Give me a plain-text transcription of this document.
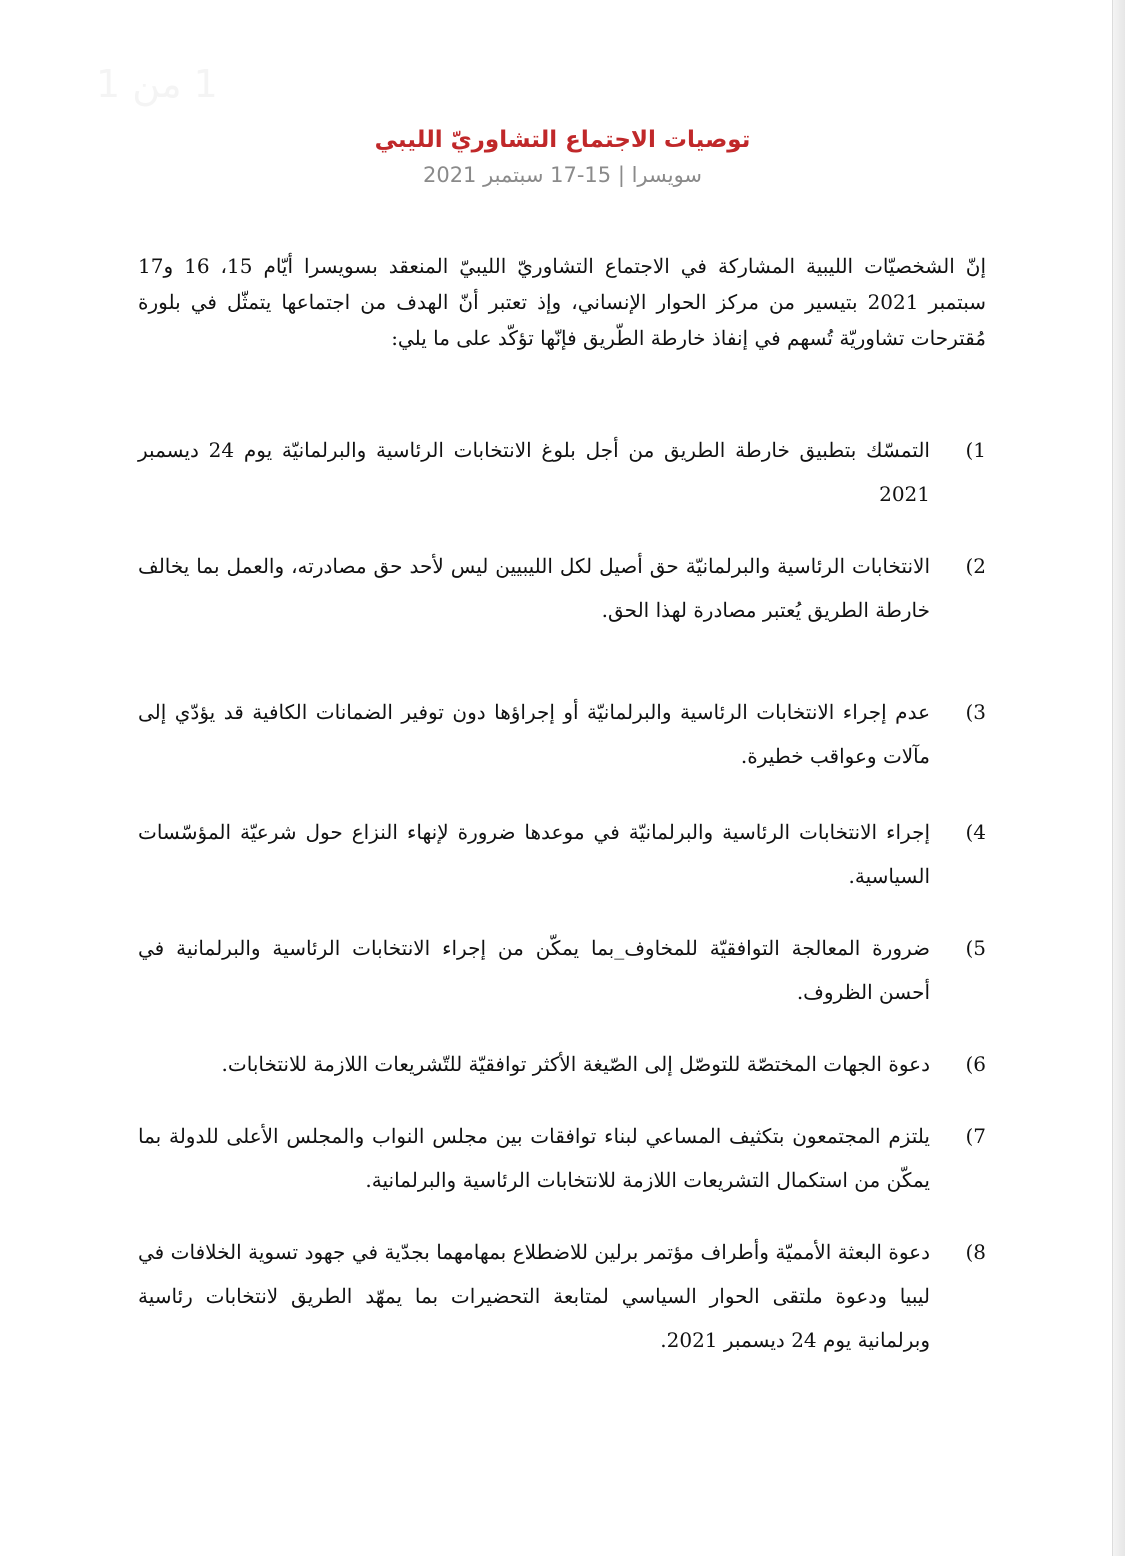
1 من 1

توصيات الاجتماع التشاوريّ الليبي

سويسرا | 15-17 سبتمبر 2021

إنّ الشخصيّات الليبية المشاركة في الاجتماع التشاوريّ الليبيّ المنعقد بسويسرا أيّام 15، 16 و17 سبتمبر 2021 بتيسير من مركز الحوار الإنساني، وإذ تعتبر أنّ الهدف من اجتماعها يتمثّل في بلورة مُقترحات تشاوريّة تُسهم في إنفاذ خارطة الطّريق فإنّها تؤكّد على ما يلي:

1)
التمسّك بتطبيق خارطة الطريق من أجل بلوغ الانتخابات الرئاسية والبرلمانيّة يوم 24 ديسمبر 2021
2)
الانتخابات الرئاسية والبرلمانيّة حق أصيل لكل الليبيين ليس لأحد حق مصادرته، والعمل بما يخالف خارطة الطريق يُعتبر مصادرة لهذا الحق.
3)
عدم إجراء الانتخابات الرئاسية والبرلمانيّة أو إجراؤها دون توفير الضمانات الكافية قد يؤدّي إلى مآلات وعواقب خطيرة.
4)
إجراء الانتخابات الرئاسية والبرلمانيّة في موعدها ضرورة لإنهاء النزاع حول شرعيّة المؤسّسات السياسية.
5)
ضرورة المعالجة التوافقيّة للمخاوف_بما يمكّن من إجراء الانتخابات الرئاسية والبرلمانية في أحسن الظروف.
6)
دعوة الجهات المختصّة للتوصّل إلى الصّيغة الأكثر توافقيّة للتّشريعات اللازمة للانتخابات.
7)
يلتزم المجتمعون بتكثيف المساعي لبناء توافقات بين مجلس النواب والمجلس الأعلى للدولة بما يمكّن من استكمال التشريعات اللازمة للانتخابات الرئاسية والبرلمانية.
8)
دعوة البعثة الأمميّة وأطراف مؤتمر برلين للاضطلاع بمهامهما بجدّية في جهود تسوية الخلافات في ليبيا ودعوة ملتقى الحوار السياسي لمتابعة التحضيرات بما يمهّد الطريق لانتخابات رئاسية وبرلمانية يوم 24 ديسمبر 2021.
